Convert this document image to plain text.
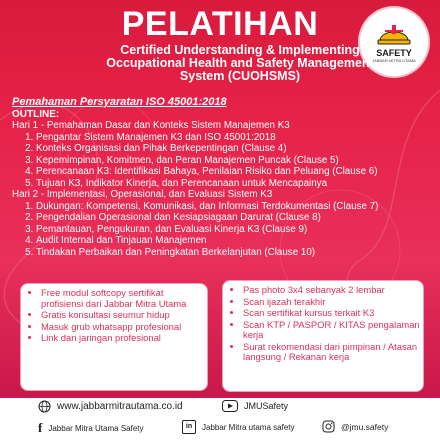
SAFETY
JABBAR MITRA UTAMA
PELATIHAN
Certified Understanding & Implementing Occupational Health and Safety Management System (CUOHSMS)
Pemahaman Persyaratan ISO 45001:2018
OUTLINE:
Hari 1 - Pemahaman Dasar dan Konteks Sistem Manajemen K3
1. Pengantar Sistem Manajemen K3 dan ISO 45001:2018
2. Konteks Organisasi dan Pihak Berkepentingan (Clause 4)
3. Kepemimpinan, Komitmen, dan Peran Manajemen Puncak (Clause 5)
4. Perencanaan K3: Identifikasi Bahaya, Penilaian Risiko dan Peluang (Clause 6)
5. Tujuan K3, Indikator Kinerja, dan Perencanaan untuk Mencapainya
Hari 2 - Implementasi, Operasional, dan Evaluasi Sistem K3
1. Dukungan: Kompetensi, Komunikasi, dan Informasi Terdokumentasi (Clause 7)
2. Pengendalian Operasional dan Kesiapsiagaan Darurat (Clause 8)
3. Pemantauan, Pengukuran, dan Evaluasi Kinerja K3 (Clause 9)
4. Audit Internal dan Tinjauan Manajemen
5. Tindakan Perbaikan dan Peningkatan Berkelanjutan (Clause 10)
• Free modul softcopy sertifikat profisiensi dari Jabbar Mitra Utama
• Gratis konsultasi seumur hidup
• Masuk grub whatsapp profesional
• Link dan jaringan profesional
• Pas photo 3x4 sebanyak 2 lembar
• Scan ijazah terakhir
• Scan sertifikat kursus terkait K3
• Scan KTP / PASPOR / KITAS pengalaman kerja
• Surat rekomendasi dari pimpinan / Atasan langsung / Rekanan kerja
www.jabbarmitrautama.co.id	JMUSafety
f Jabbar Mitra Utama Safety	in	Jabbar Mitra utama safety	@jmu.safety
